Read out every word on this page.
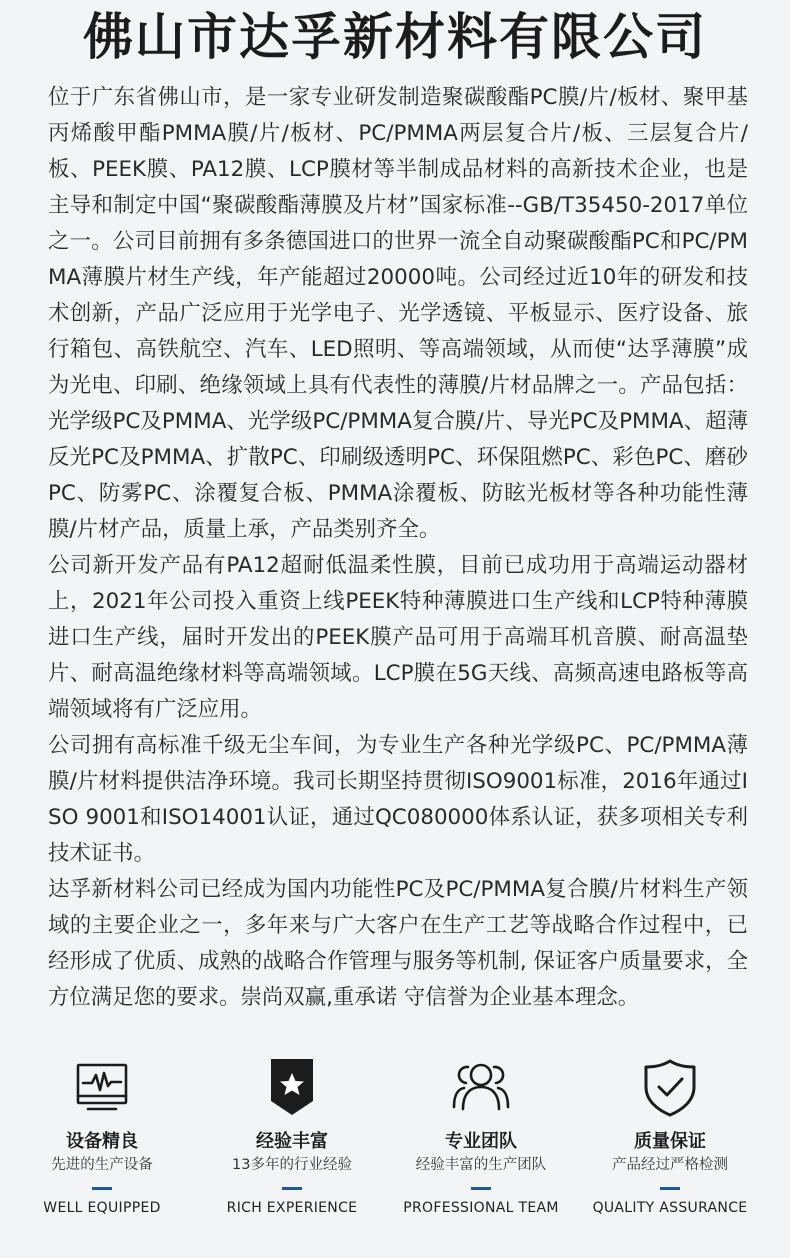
佛山市达孚新材料有限公司

位于广东省佛山市，是一家专业研发制造聚碳酸酯PC膜/片/板材、聚甲基丙烯酸甲酯PMMA膜/片/板材、PC/PMMA两层复合片/板、三层复合片/板、PEEK膜、PA12膜、LCP膜材等半制成品材料的高新技术企业，也是主导和制定中国“聚碳酸酯薄膜及片材”国家标准--GB/T35450-2017单位之一。公司目前拥有多条德国进口的世界一流全自动聚碳酸酯PC和PC/PMMA薄膜片材生产线，年产能超过20000吨。公司经过近10年的研发和技术创新，产品广泛应用于光学电子、光学透镜、平板显示、医疗设备、旅行箱包、高铁航空、汽车、LED照明、等高端领域，从而使“达孚薄膜”成为光电、印刷、绝缘领域上具有代表性的薄膜/片材品牌之一。产品包括：光学级PC及PMMA、光学级PC/PMMA复合膜/片、导光PC及PMMA、超薄反光PC及PMMA、扩散PC、印刷级透明PC、环保阻燃PC、彩色PC、磨砂PC、防雾PC、涂覆复合板、PMMA涂覆板、防眩光板材等各种功能性薄膜/片材产品，质量上承，产品类别齐全。

公司新开发产品有PA12超耐低温柔性膜，目前已成功用于高端运动器材上，2021年公司投入重资上线PEEK特种薄膜进口生产线和LCP特种薄膜进口生产线，届时开发出的PEEK膜产品可用于高端耳机音膜、耐高温垫片、耐高温绝缘材料等高端领域。LCP膜在5G天线、高频高速电路板等高端领域将有广泛应用。

公司拥有高标准千级无尘车间，为专业生产各种光学级PC、PC/PMMA薄膜/片材料提供洁净环境。我司长期坚持贯彻ISO9001标准，2016年通过ISO 9001和ISO14001认证，通过QC080000体系认证，获多项相关专利技术证书。

达孚新材料公司已经成为国内功能性PC及PC/PMMA复合膜/片材料生产领域的主要企业之一，多年来与广大客户在生产工艺等战略合作过程中，已经形成了优质、成熟的战略合作管理与服务等机制, 保证客户质量要求，全方位满足您的要求。崇尚双赢,重承诺 守信誉为企业基本理念。

设备精良
先进的生产设备
WELL EQUIPPED
经验丰富
13多年的行业经验
RICH EXPERIENCE
专业团队
经验丰富的生产团队
PROFESSIONAL TEAM
质量保证
产品经过严格检测
QUALITY ASSURANCE
